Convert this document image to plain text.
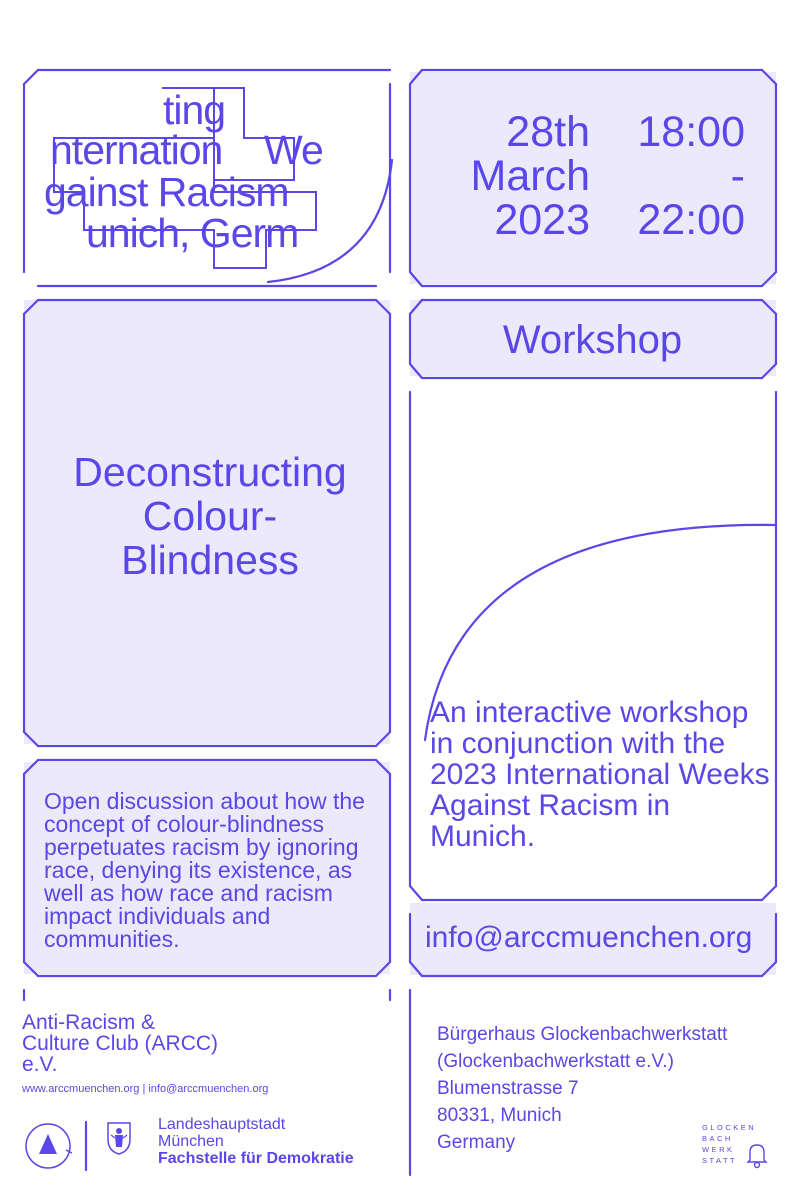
ting
nternation We
gainst Racism
unich, Germ
28th
March
2023
18:00
-
22:00
Workshop
Deconstructing
Colour-
Blindness
An interactive workshop in conjunction with the 2023 International Weeks Against Racism in Munich.
Open discussion about how the concept of colour-blindness perpetuates racism by ignoring race, denying its existence, as well as how race and racism impact individuals and communities.	info@arccmuenchen.org
Anti-Racism &
Culture Club (ARCC)
e.V.
www.arccmuenchen.org | info@arccmuenchen.org
Landeshauptstadt
München
Fachstelle für Demokratie
Bürgerhaus Glockenbachwerkstatt
(Glockenbachwerkstatt e.V.)
Blumenstrasse 7
80331, Munich
Germany
GLOCKEN
BACH
WERK
STATT
